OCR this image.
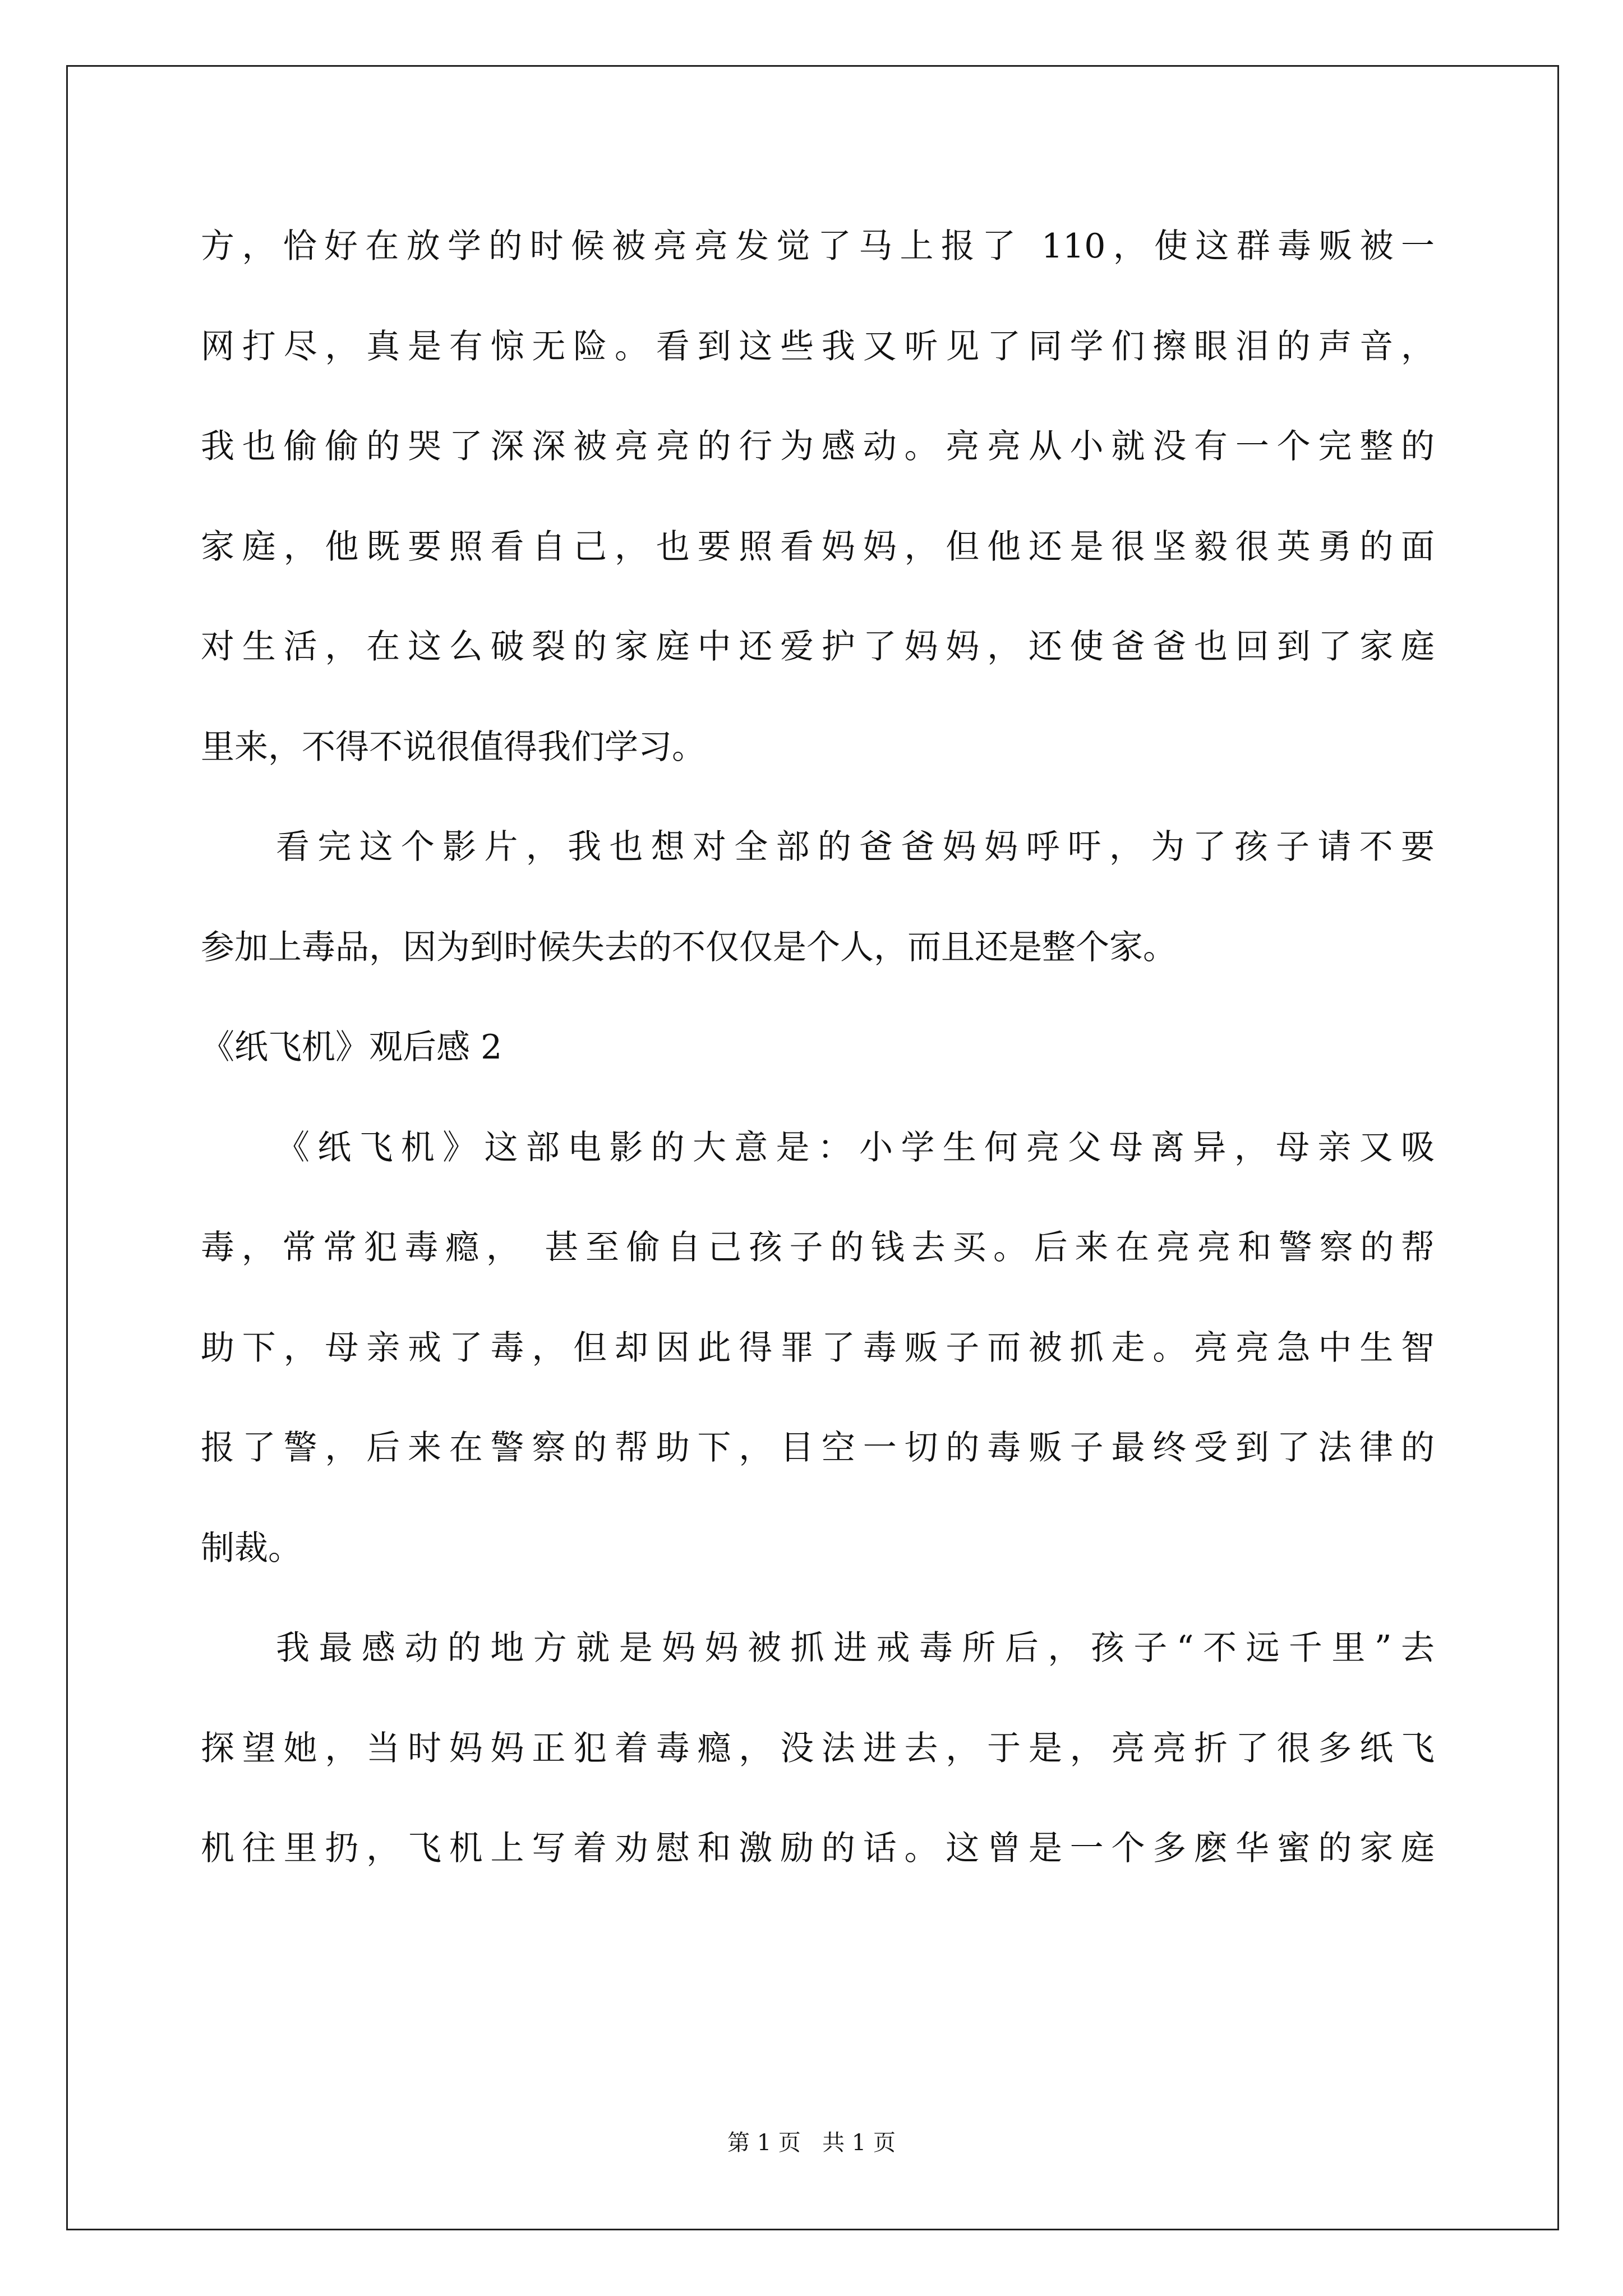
方，恰好在放学的时候被亮亮发觉了马上报了 110，使这群毒贩被一
网打尽，真是有惊无险。看到这些我又听见了同学们擦眼泪的声音，
我也偷偷的哭了深深被亮亮的行为感动。亮亮从小就没有一个完整的
家庭，他既要照看自己，也要照看妈妈，但他还是很坚毅很英勇的面
对生活，在这么破裂的家庭中还爱护了妈妈，还使爸爸也回到了家庭
里来，不得不说很值得我们学习。
看完这个影片，我也想对全部的爸爸妈妈呼吁，为了孩子请不要
参加上毒品，因为到时候失去的不仅仅是个人，而且还是整个家。
《纸飞机》观后感 2
《纸飞机》这部电影的大意是：小学生何亮父母离异，母亲又吸
毒，常常犯毒瘾， 甚至偷自己孩子的钱去买。后来在亮亮和警察的帮
助下，母亲戒了毒，但却因此得罪了毒贩子而被抓走。亮亮急中生智
报了警，后来在警察的帮助下，目空一切的毒贩子最终受到了法律的
制裁。
我最感动的地方就是妈妈被抓进戒毒所后，孩子“不远千里”去
探望她，当时妈妈正犯着毒瘾，没法进去，于是，亮亮折了很多纸飞
机往里扔，飞机上写着劝慰和激励的话。这曾是一个多麽华蜜的家庭
第 1 页   共 1 页
